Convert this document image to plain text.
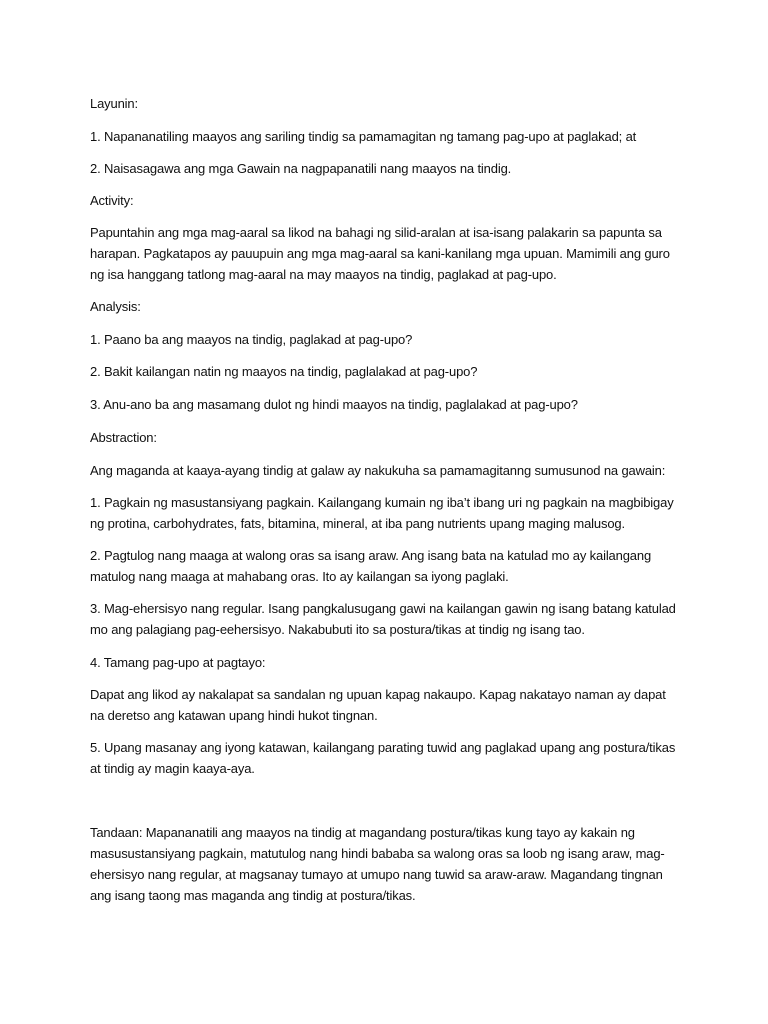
Layunin:

1. Napananatiling maayos ang sariling tindig sa pamamagitan ng tamang pag-upo at paglakad; at

2. Naisasagawa ang mga Gawain na nagpapanatili nang maayos na tindig.

Activity:

Papuntahin ang mga mag-aaral sa likod na bahagi ng silid-aralan at isa-isang palakarin sa papunta sa harapan. Pagkatapos ay pauupuin ang mga mag-aaral sa kani-kanilang mga upuan. Mamimili ang guro ng isa hanggang tatlong mag-aaral na may maayos na tindig, paglakad at pag-upo.

Analysis:

1. Paano ba ang maayos na tindig, paglakad at pag-upo?

2. Bakit kailangan natin ng maayos na tindig, paglalakad at pag-upo?

3. Anu-ano ba ang masamang dulot ng hindi maayos na tindig, paglalakad at pag-upo?

Abstraction:

Ang maganda at kaaya-ayang tindig at galaw ay nakukuha sa pamamagitanng sumusunod na gawain:

1. Pagkain ng masustansiyang pagkain. Kailangang kumain ng iba’t ibang uri ng pagkain na magbibigay ng protina, carbohydrates, fats, bitamina, mineral, at iba pang nutrients upang maging malusog.

2. Pagtulog nang maaga at walong oras sa isang araw. Ang isang bata na katulad mo ay kailangang matulog nang maaga at mahabang oras. Ito ay kailangan sa iyong paglaki.

3. Mag-ehersisyo nang regular. Isang pangkalusugang gawi na kailangan gawin ng isang batang katulad mo ang palagiang pag-eehersisyo. Nakabubuti ito sa postura/tikas at tindig ng isang tao.

4. Tamang pag-upo at pagtayo:

Dapat ang likod ay nakalapat sa sandalan ng upuan kapag nakaupo. Kapag nakatayo naman ay dapat na deretso ang katawan upang hindi hukot tingnan.

5. Upang masanay ang iyong katawan, kailangang parating tuwid ang paglakad upang ang postura/tikas at tindig ay magin kaaya-aya.

Tandaan: Mapananatili ang maayos na tindig at magandang postura/tikas kung tayo ay kakain ng masusustansiyang pagkain, matutulog nang hindi bababa sa walong oras sa loob ng isang araw, mag-ehersisyo nang regular, at magsanay tumayo at umupo nang tuwid sa araw-araw. Magandang tingnan ang isang taong mas maganda ang tindig at postura/tikas.
